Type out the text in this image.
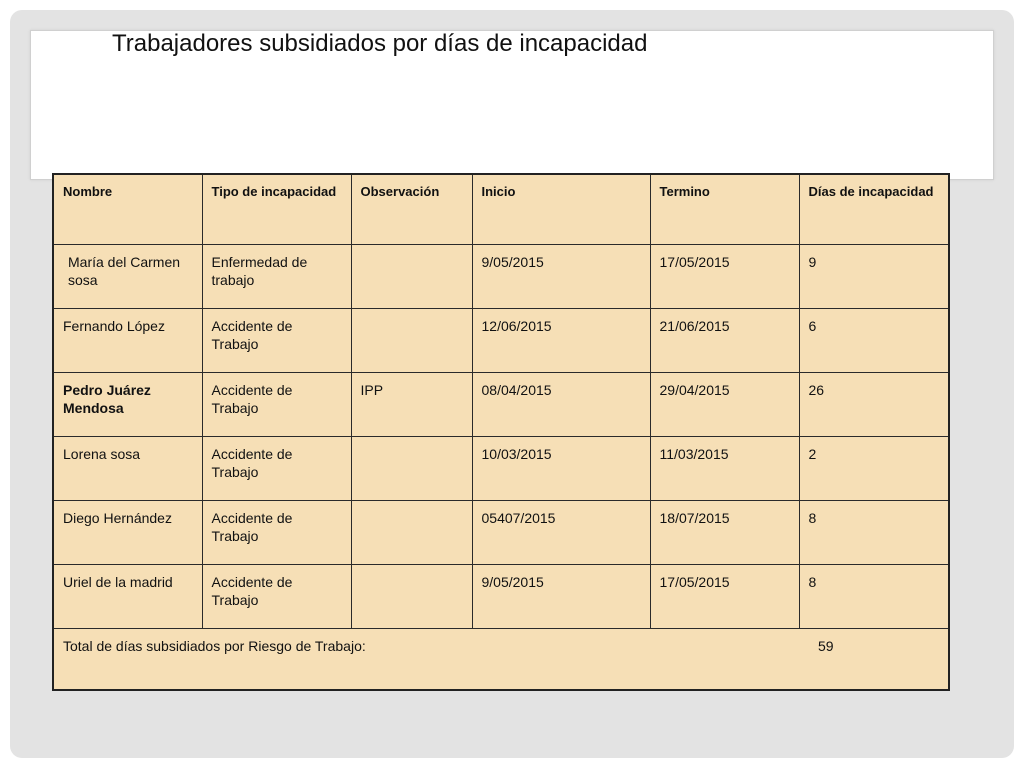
Trabajadores subsidiados por días de incapacidad
Nombre	Tipo de incapacidad	Observación	Inicio	Termino	Días de incapacidad
María del Carmen sosa	Enfermedad de trabajo		9/05/2015	17/05/2015	9
Fernando López	Accidente de Trabajo		12/06/2015	21/06/2015	6
Pedro Juárez Mendosa	Accidente de Trabajo	IPP	08/04/2015	29/04/2015	26
Lorena sosa	Accidente de Trabajo		10/03/2015	11/03/2015	2
Diego Hernández	Accidente de Trabajo		05407/2015	18/07/2015	8
Uriel de la madrid	Accidente de Trabajo		9/05/2015	17/05/2015	8
Total de días subsidiados por Riesgo de Trabajo: 59					
